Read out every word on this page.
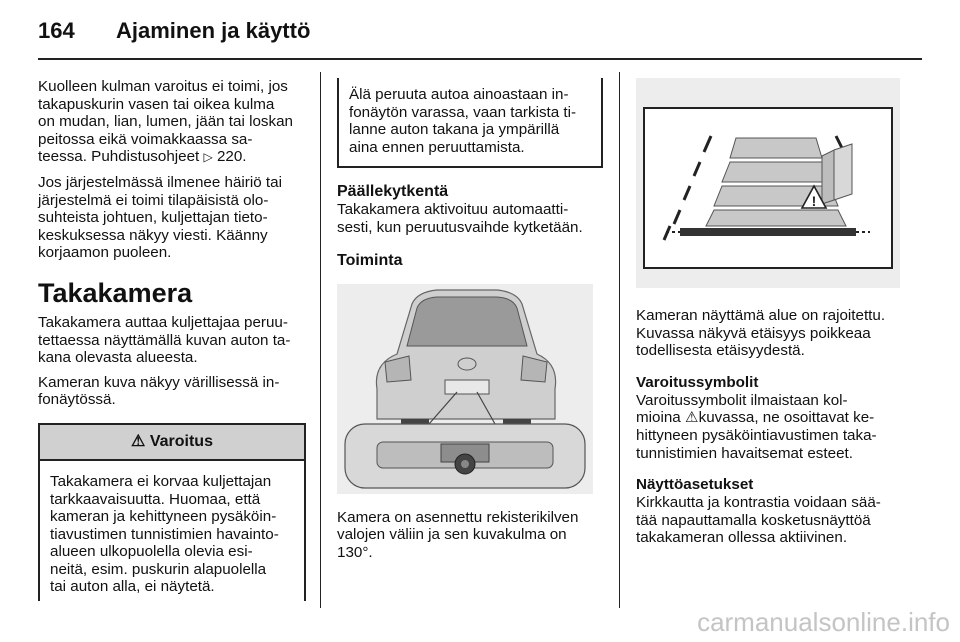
164 Ajaminen ja käyttö

Kuolleen kulman varoitus ei toimi, jos
takapuskurin vasen tai oikea kulma
on mudan, lian, lumen, jään tai loskan
peitossa eikä voimakkaassa sa-
teessa. Puhdistusohjeet ▷ 220.

Jos järjestelmässä ilmenee häiriö tai
järjestelmä ei toimi tilapäisistä olo-
suhteista johtuen, kuljettajan tieto-
keskuksessa näkyy viesti. Käänny
korjaamon puoleen.

Takakamera

Takakamera auttaa kuljettajaa peruu-
tettaessa näyttämällä kuvan auton ta-
kana olevasta alueesta.

Kameran kuva näkyy värillisessä in-
fonäytössä.

⚠ Varoitus

Takakamera ei korvaa kuljettajan
tarkkaavaisuutta. Huomaa, että
kameran ja kehittyneen pysäköin-
tiavustimen tunnistimien havainto-
alueen ulkopuolella olevia esi-
neitä, esim. puskurin alapuolella
tai auton alla, ei näytetä.

Älä peruuta autoa ainoastaan in-
fonäytön varassa, vaan tarkista ti-
lanne auton takana ja ympärillä
aina ennen peruuttamista.

Päällekytkentä

Takakamera aktivoituu automaatti-
sesti, kun peruutusvaihde kytketään.

Toiminta

Kamera on asennettu rekisterikilven
valojen väliin ja sen kuvakulma on
130°.

!

Kameran näyttämä alue on rajoitettu.
Kuvassa näkyvä etäisyys poikkeaa
todellisesta etäisyydestä.

Varoitussymbolit

Varoitussymbolit ilmaistaan kol-
mioina ⚠kuvassa, ne osoittavat ke-
hittyneen pysäköintiavustimen taka-
tunnistimien havaitsemat esteet.

Näyttöasetukset

Kirkkautta ja kontrastia voidaan sää-
tää napauttamalla kosketusnäyttöä
takakameran ollessa aktiivinen.

carmanualsonline.info
